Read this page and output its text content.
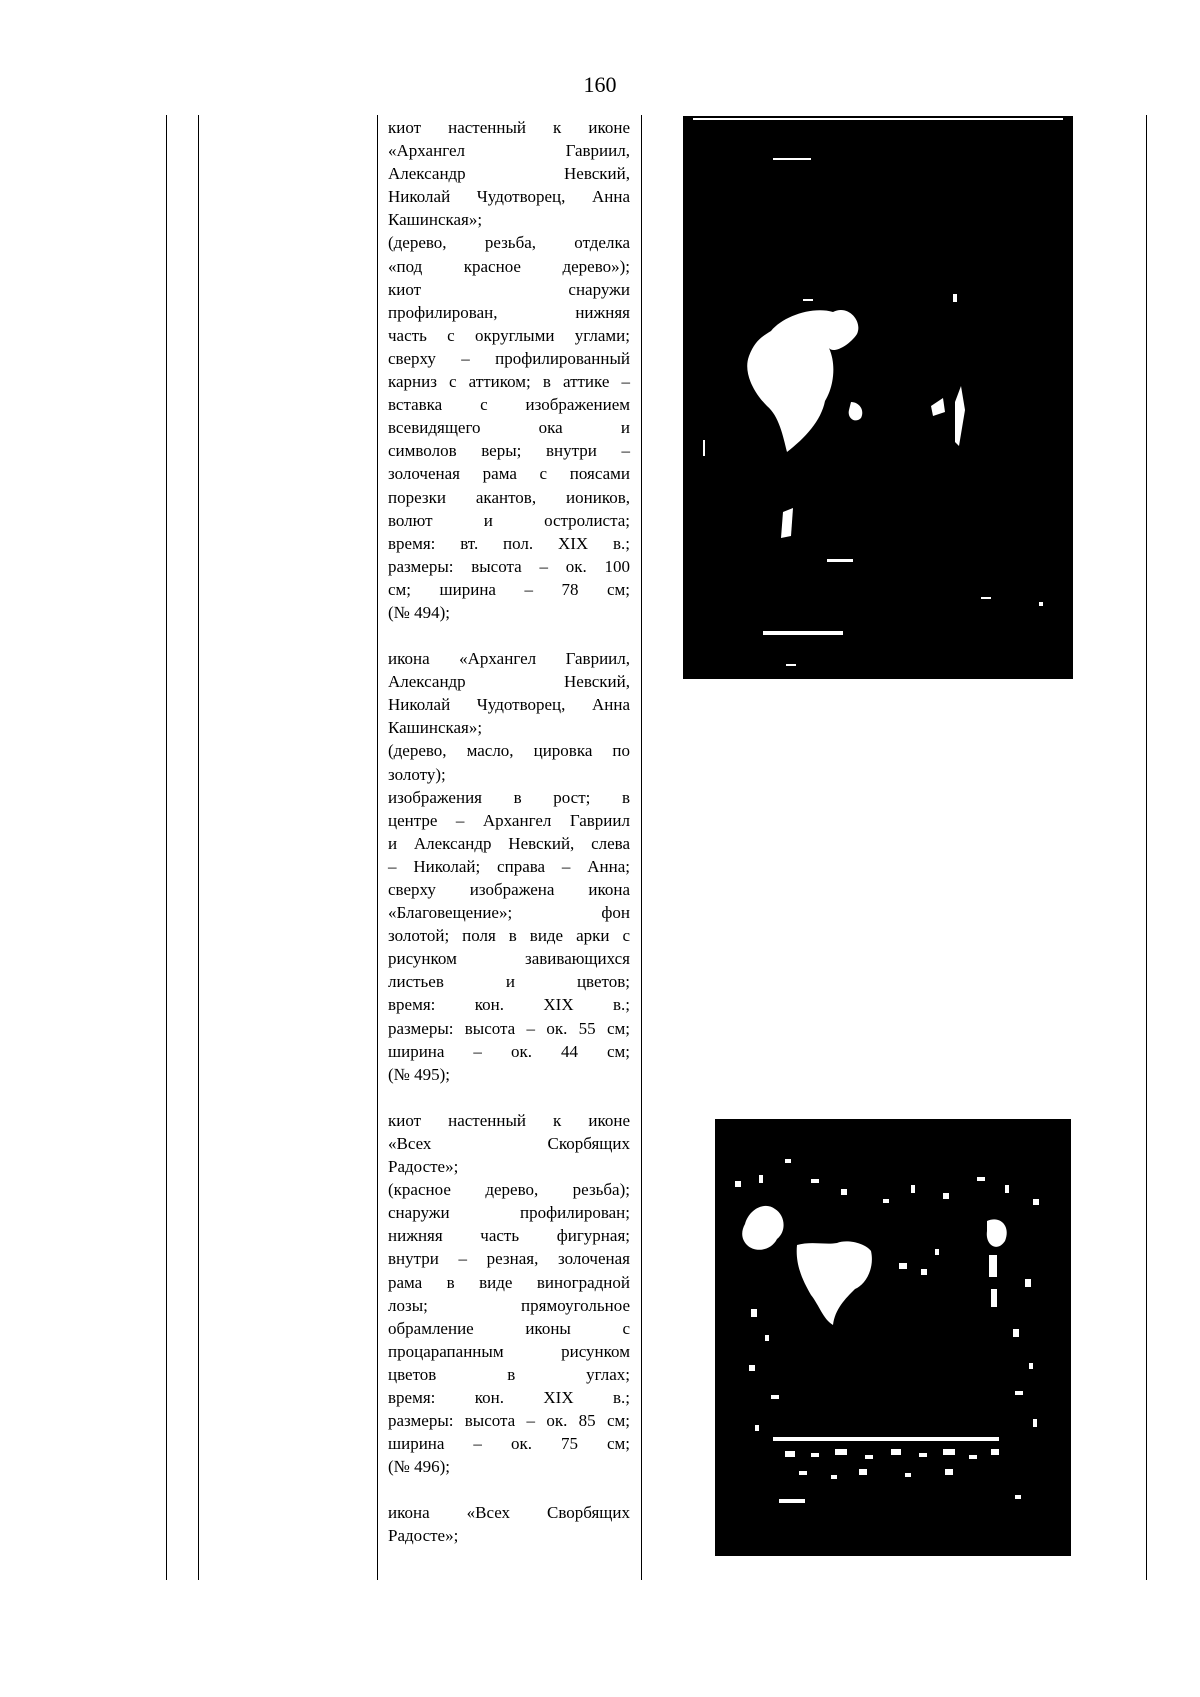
160
киот настенный к иконе
«Архангел Гавриил,
Александр Невский,
Николай Чудотворец, Анна
Кашинская»;
(дерево, резьба, отделка
«под красное дерево»);
киот снаружи
профилирован, нижняя
часть с округлыми углами;
сверху – профилированный
карниз с аттиком; в аттике –
вставка с изображением
всевидящего ока и
символов веры; внутри –
золоченая рама с поясами
порезки акантов, иоников,
волют и остролиста;
время: вт. пол. XIX в.;
размеры: высота – ок. 100
см; ширина – 78 см;
(№ 494);
икона «Архангел Гавриил,
Александр Невский,
Николай Чудотворец, Анна
Кашинская»;
(дерево, масло, цировка по
золоту);
изображения в рост; в
центре – Архангел Гавриил
и Александр Невский, слева
– Николай; справа – Анна;
сверху изображена икона
«Благовещение»; фон
золотой; поля в виде арки с
рисунком завивающихся
листьев и цветов;
время: кон. XIX в.;
размеры: высота – ок. 55 см;
ширина – ок. 44 см;
(№ 495);
киот настенный к иконе
«Всех Скорбящих
Радосте»;
(красное дерево, резьба);
снаружи профилирован;
нижняя часть фигурная;
внутри – резная, золоченая
рама в виде виноградной
лозы; прямоугольное
обрамление иконы с
процарапанным рисунком
цветов в углах;
время: кон. XIX в.;
размеры: высота – ок. 85 см;
ширина – ок. 75 см;
(№ 496);
икона «Всех Сворбящих
Радосте»;
